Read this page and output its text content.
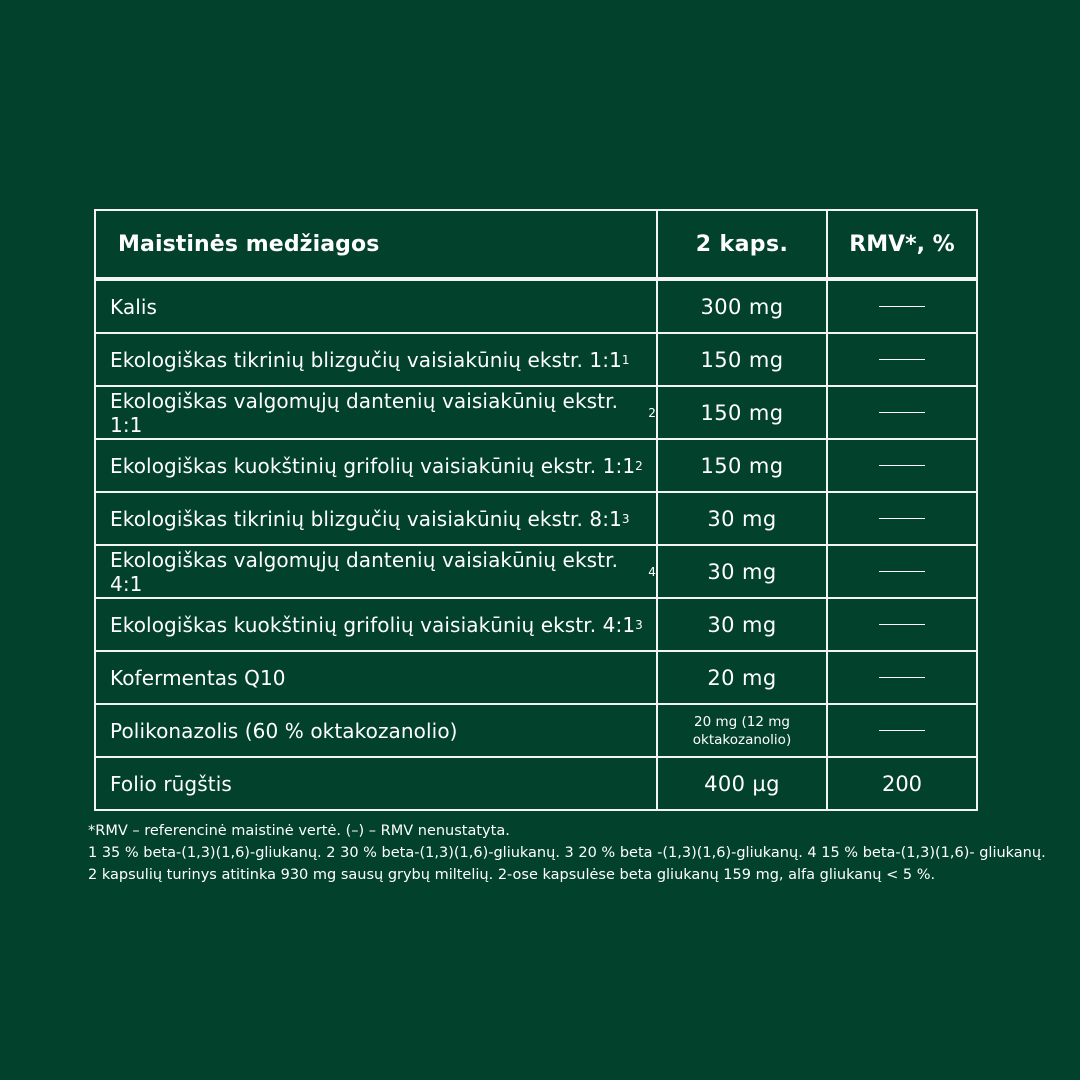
Maistinės medžiagos	2 kaps.	RMV*, %
Kalis	300 mg
Ekologiškas tikrinių blizgučių vaisiakūnių ekstr. 1:1 1	150 mg
Ekologiškas valgomųjų dantenių vaisiakūnių ekstr. 1:1	2 150 mg
Ekologiškas kuokštinių grifolių vaisiakūnių ekstr. 1:1 2	150 mg
Ekologiškas tikrinių blizgučių vaisiakūnių ekstr. 8:1 3	30 mg
Ekologiškas valgomųjų dantenių vaisiakūnių ekstr. 4:1	4 30 mg
Ekologiškas kuokštinių grifolių vaisiakūnių ekstr. 4:1 3	30 mg
Kofermentas Q10	20 mg
Polikonazolis (60 % oktakozanolio)	20 mg (12 mg
oktakozanolio)
Folio rūgštis	400 µg	200
*RMV – referencinė maistinė vertė. (–) – RMV nenustatyta.
1 35 % beta-(1,3)(1,6)-gliukanų. 2 30 % beta-(1,3)(1,6)-gliukanų. 3 20 % beta -(1,3)(1,6)-gliukanų. 4 15 % beta-(1,3)(1,6)- gliukanų.
2 kapsulių turinys atitinka 930 mg sausų grybų miltelių. 2-ose kapsulėse beta gliukanų 159 mg, alfa gliukanų < 5 %.
